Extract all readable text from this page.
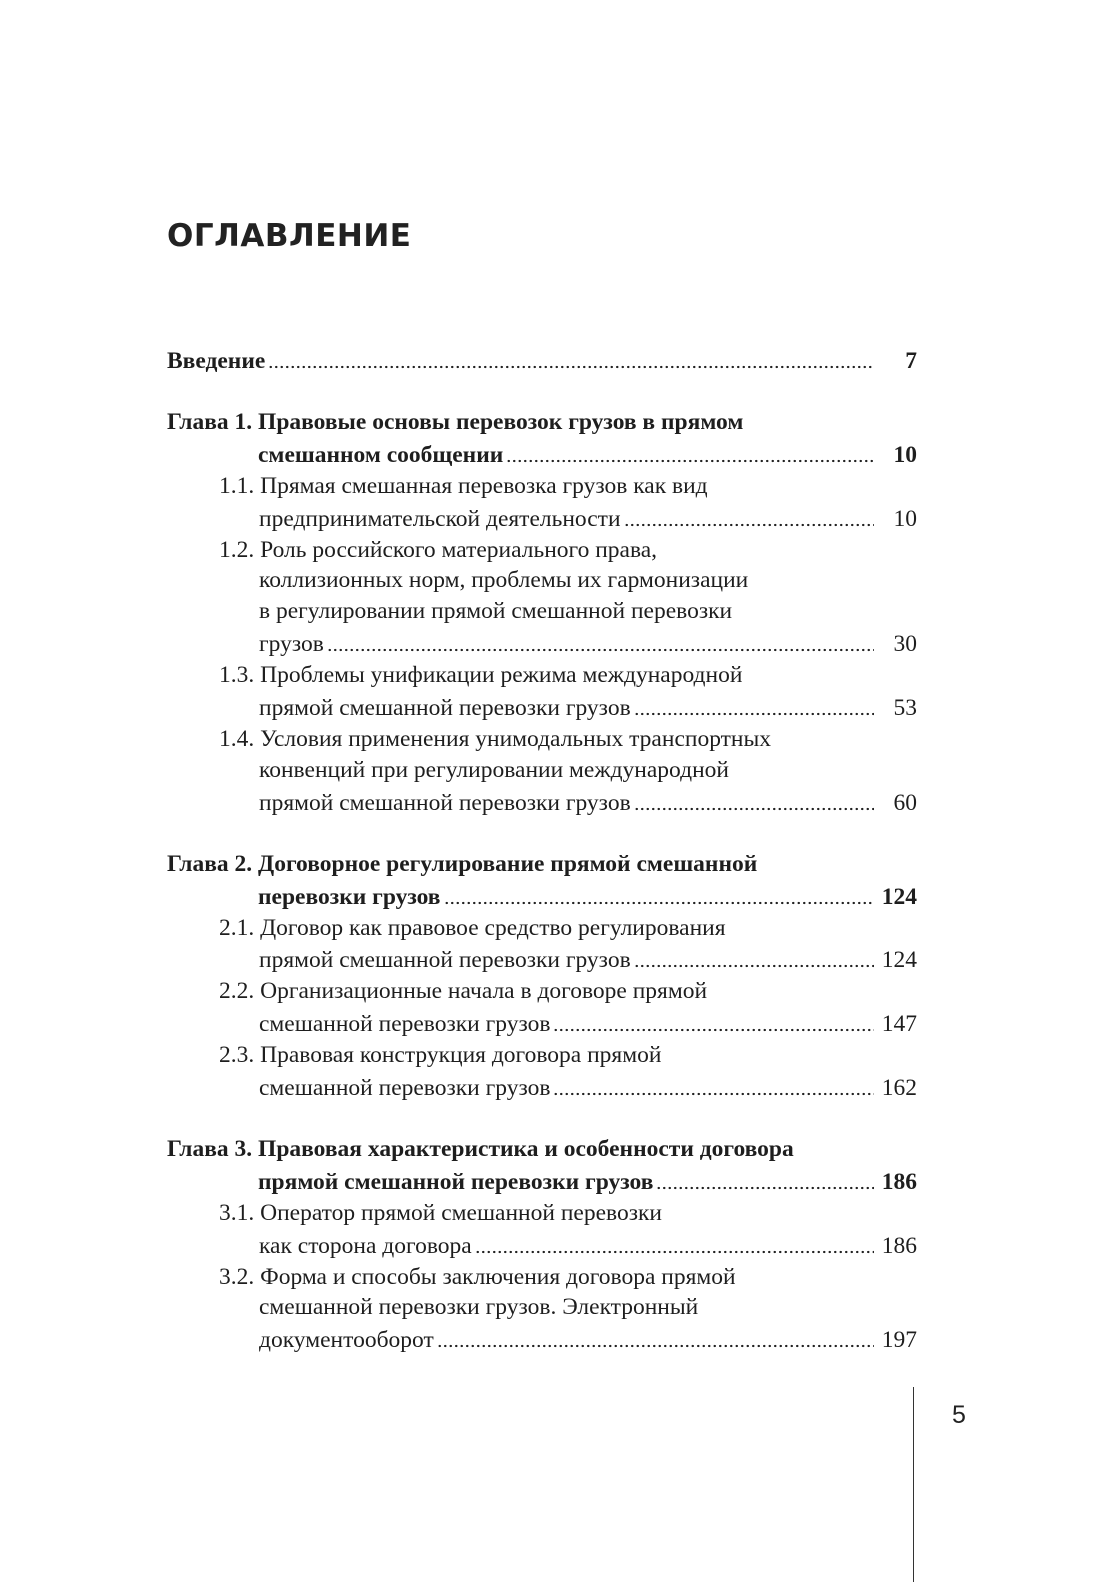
ОГЛАВЛЕНИЕ
Введение	7
Глава 1. Правовые основы перевозок грузов в прямом
смешанном сообщении	10
1.1. Прямая смешанная перевозка грузов как вид
предпринимательской деятельности	10
1.2. Роль российского материального права,
коллизионных норм, проблемы их гармонизации
в регулировании прямой смешанной перевозки
грузов	30
1.3. Проблемы унификации режима международной
прямой смешанной перевозки грузов	53
1.4. Условия применения унимодальных транспортных
конвенций при регулировании международной
прямой смешанной перевозки грузов	60
Глава 2. Договорное регулирование прямой смешанной
перевозки грузов	124
2.1. Договор как правовое средство регулирования
прямой смешанной перевозки грузов	124
2.2. Организационные начала в договоре прямой
смешанной перевозки грузов	147
2.3. Правовая конструкция договора прямой
смешанной перевозки грузов	162
Глава 3. Правовая характеристика и особенности договора
прямой смешанной перевозки грузов	186
3.1. Оператор прямой смешанной перевозки
как сторона договора	186
3.2. Форма и способы заключения договора прямой
смешанной перевозки грузов. Электронный
документооборот	197
5
